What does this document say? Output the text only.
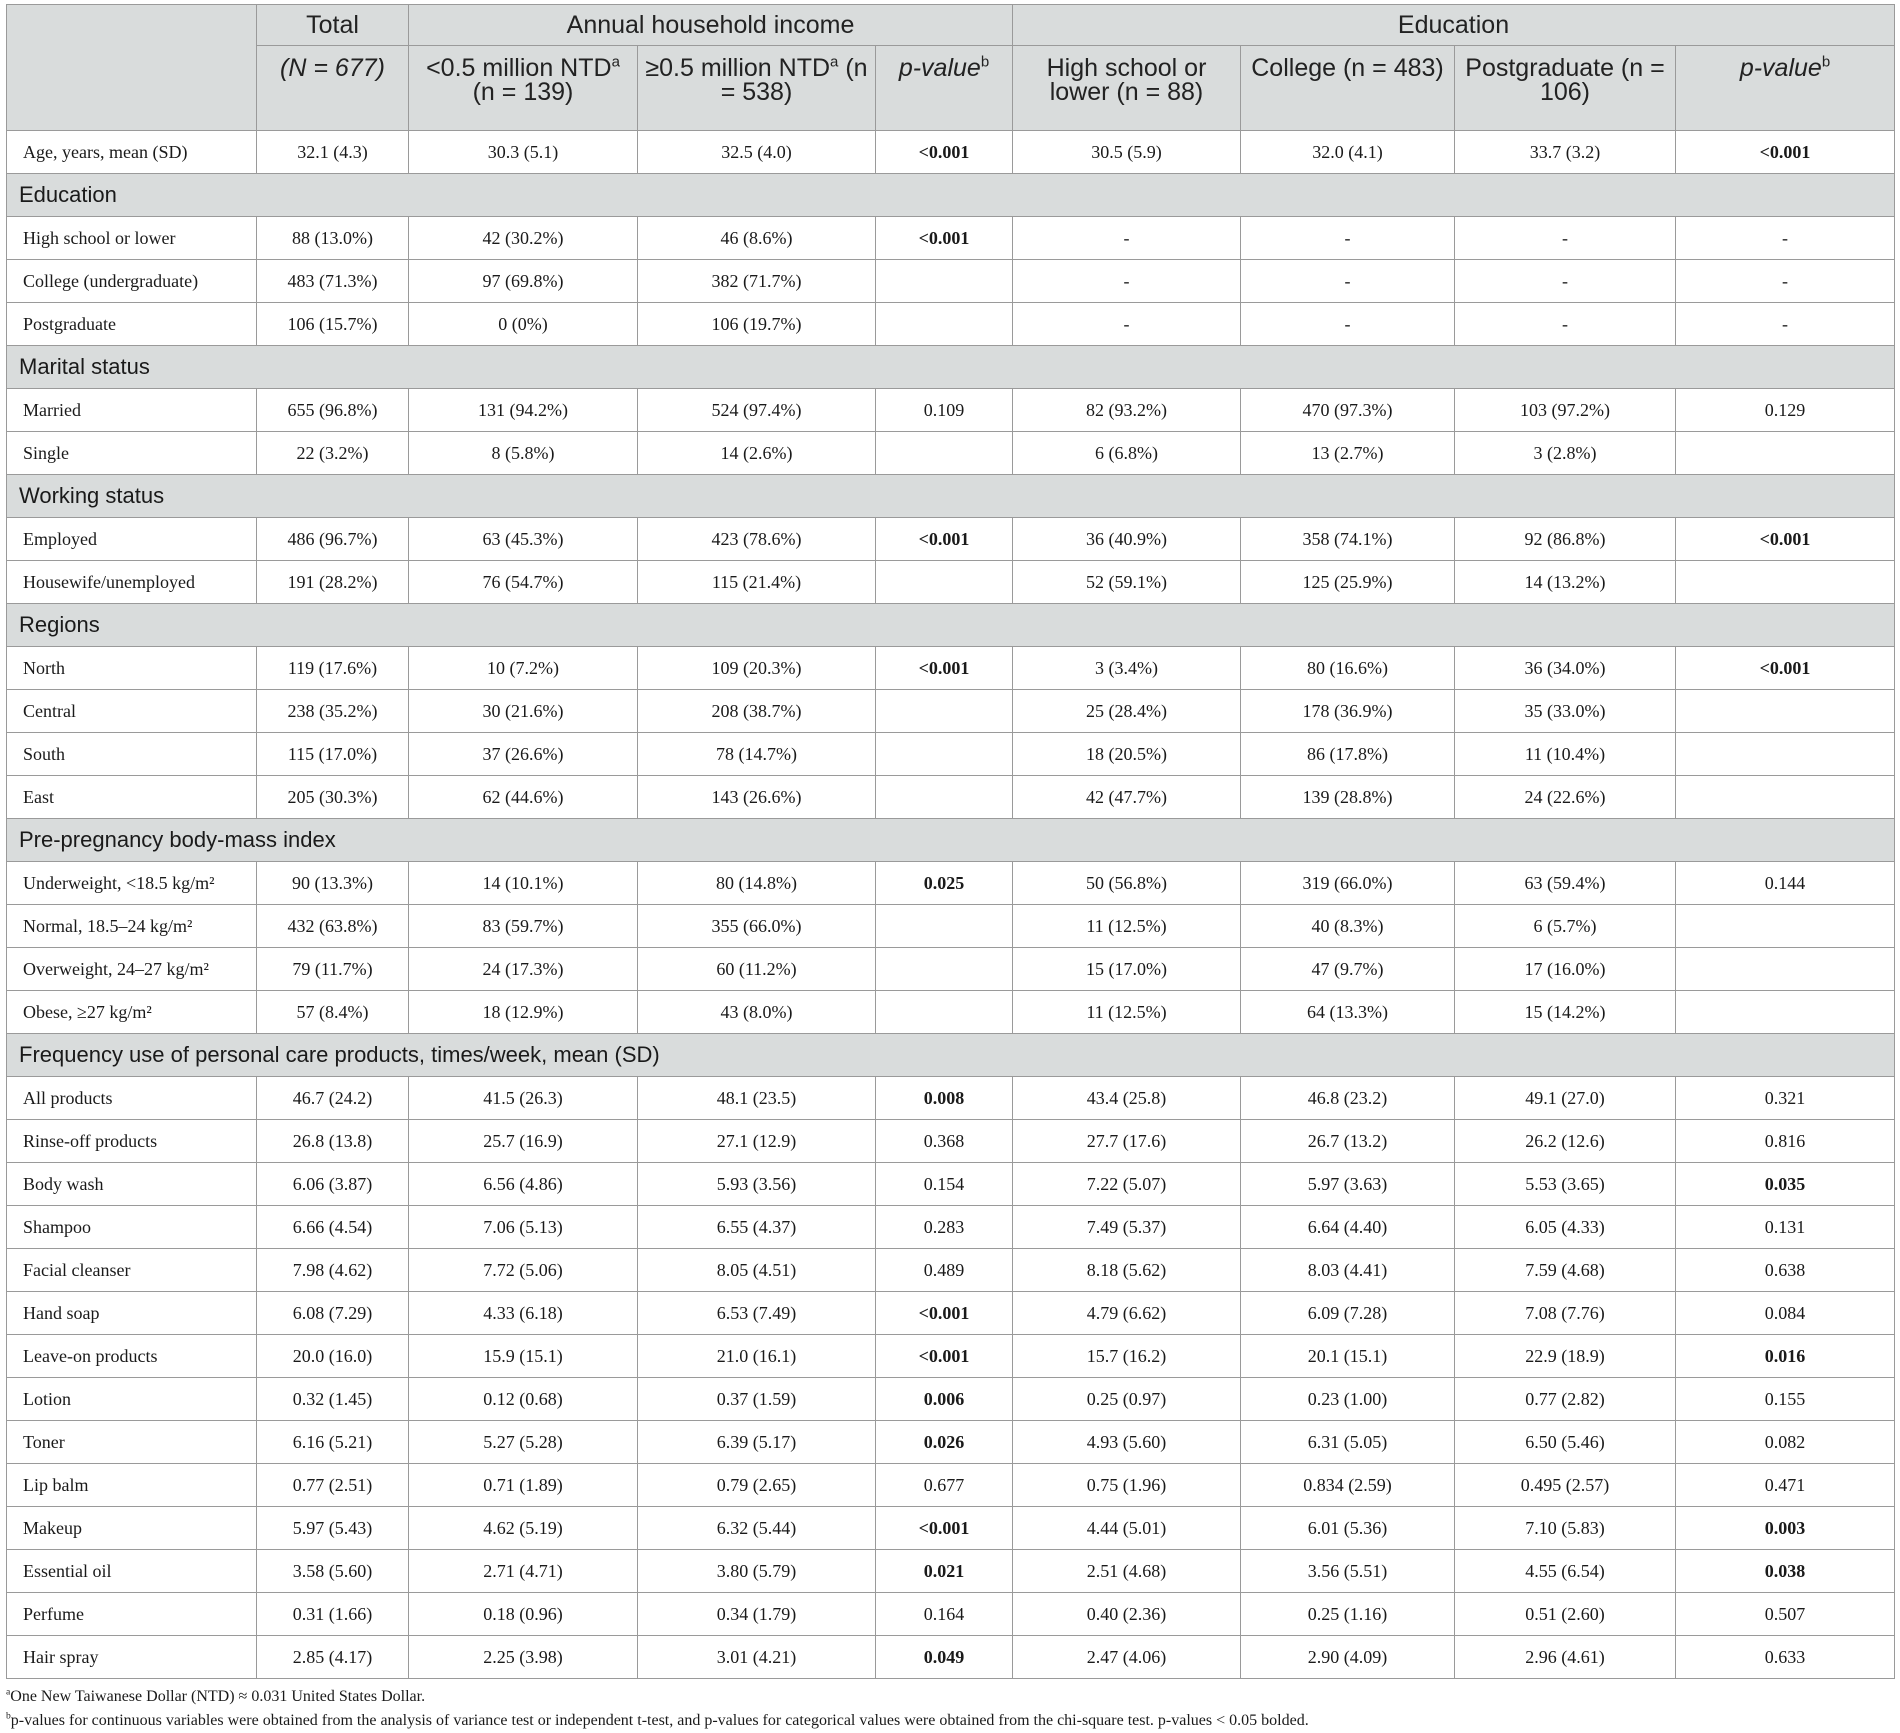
	Total	Annual household income			Education			
	(N = 677)	<0.5 million NTD$^a$ (n = 139)	≥0.5 million NTD$^a$ (n = 538)	p-value$^b$	High school or lower (n = 88)	College (n = 483)	Postgraduate (n = 106)	p-value$^b$
Age, years, mean (SD)	32.1 (4.3)	30.3 (5.1)	32.5 (4.0)	<0.001	30.5 (5.9)	32.0 (4.1)	33.7 (3.2)	<0.001
Education								
High school or lower	88 (13.0%)	42 (30.2%)	46 (8.6%)	<0.001	-	-	-	-
College (undergraduate)	483 (71.3%)	97 (69.8%)	382 (71.7%)		-	-	-	-
Postgraduate	106 (15.7%)	0 (0%)	106 (19.7%)		-	-	-	-
Marital status								
Married	655 (96.8%)	131 (94.2%)	524 (97.4%)	0.109	82 (93.2%)	470 (97.3%)	103 (97.2%)	0.129
Single	22 (3.2%)	8 (5.8%)	14 (2.6%)		6 (6.8%)	13 (2.7%)	3 (2.8%)	
Working status								
Employed	486 (96.7%)	63 (45.3%)	423 (78.6%)	<0.001	36 (40.9%)	358 (74.1%)	92 (86.8%)	<0.001
Housewife/unemployed	191 (28.2%)	76 (54.7%)	115 (21.4%)		52 (59.1%)	125 (25.9%)	14 (13.2%)	
Regions								
North	119 (17.6%)	10 (7.2%)	109 (20.3%)	<0.001	3 (3.4%)	80 (16.6%)	36 (34.0%)	<0.001
Central	238 (35.2%)	30 (21.6%)	208 (38.7%)		25 (28.4%)	178 (36.9%)	35 (33.0%)	
South	115 (17.0%)	37 (26.6%)	78 (14.7%)		18 (20.5%)	86 (17.8%)	11 (10.4%)	
East	205 (30.3%)	62 (44.6%)	143 (26.6%)		42 (47.7%)	139 (28.8%)	24 (22.6%)	
Pre-pregnancy body-mass index								
Underweight, <18.5 kg/m²	90 (13.3%)	14 (10.1%)	80 (14.8%)	0.025	50 (56.8%)	319 (66.0%)	63 (59.4%)	0.144
Normal, 18.5–24 kg/m²	432 (63.8%)	83 (59.7%)	355 (66.0%)		11 (12.5%)	40 (8.3%)	6 (5.7%)	
Overweight, 24–27 kg/m²	79 (11.7%)	24 (17.3%)	60 (11.2%)		15 (17.0%)	47 (9.7%)	17 (16.0%)	
Obese, ≥27 kg/m²	57 (8.4%)	18 (12.9%)	43 (8.0%)		11 (12.5%)	64 (13.3%)	15 (14.2%)	
Frequency use of personal care products, times/week, mean (SD)								
All products	46.7 (24.2)	41.5 (26.3)	48.1 (23.5)	0.008	43.4 (25.8)	46.8 (23.2)	49.1 (27.0)	0.321
Rinse-off products	26.8 (13.8)	25.7 (16.9)	27.1 (12.9)	0.368	27.7 (17.6)	26.7 (13.2)	26.2 (12.6)	0.816
Body wash	6.06 (3.87)	6.56 (4.86)	5.93 (3.56)	0.154	7.22 (5.07)	5.97 (3.63)	5.53 (3.65)	0.035
Shampoo	6.66 (4.54)	7.06 (5.13)	6.55 (4.37)	0.283	7.49 (5.37)	6.64 (4.40)	6.05 (4.33)	0.131
Facial cleanser	7.98 (4.62)	7.72 (5.06)	8.05 (4.51)	0.489	8.18 (5.62)	8.03 (4.41)	7.59 (4.68)	0.638
Hand soap	6.08 (7.29)	4.33 (6.18)	6.53 (7.49)	<0.001	4.79 (6.62)	6.09 (7.28)	7.08 (7.76)	0.084
Leave-on products	20.0 (16.0)	15.9 (15.1)	21.0 (16.1)	<0.001	15.7 (16.2)	20.1 (15.1)	22.9 (18.9)	0.016
Lotion	0.32 (1.45)	0.12 (0.68)	0.37 (1.59)	0.006	0.25 (0.97)	0.23 (1.00)	0.77 (2.82)	0.155
Toner	6.16 (5.21)	5.27 (5.28)	6.39 (5.17)	0.026	4.93 (5.60)	6.31 (5.05)	6.50 (5.46)	0.082
Lip balm	0.77 (2.51)	0.71 (1.89)	0.79 (2.65)	0.677	0.75 (1.96)	0.834 (2.59)	0.495 (2.57)	0.471
Makeup	5.97 (5.43)	4.62 (5.19)	6.32 (5.44)	<0.001	4.44 (5.01)	6.01 (5.36)	7.10 (5.83)	0.003
Essential oil	3.58 (5.60)	2.71 (4.71)	3.80 (5.79)	0.021	2.51 (4.68)	3.56 (5.51)	4.55 (6.54)	0.038
Perfume	0.31 (1.66)	0.18 (0.96)	0.34 (1.79)	0.164	0.40 (2.36)	0.25 (1.16)	0.51 (2.60)	0.507
Hair spray	2.85 (4.17)	2.25 (3.98)	3.01 (4.21)	0.049	2.47 (4.06)	2.90 (4.09)	2.96 (4.61)	0.633
$^a$One New Taiwanese Dollar (NTD) ≈ 0.031 United States Dollar.
$^b$p-values for continuous variables were obtained from the analysis of variance test or independent t-test, and p-values for categorical values were obtained from the chi-square test. p-values < 0.05 bolded.
